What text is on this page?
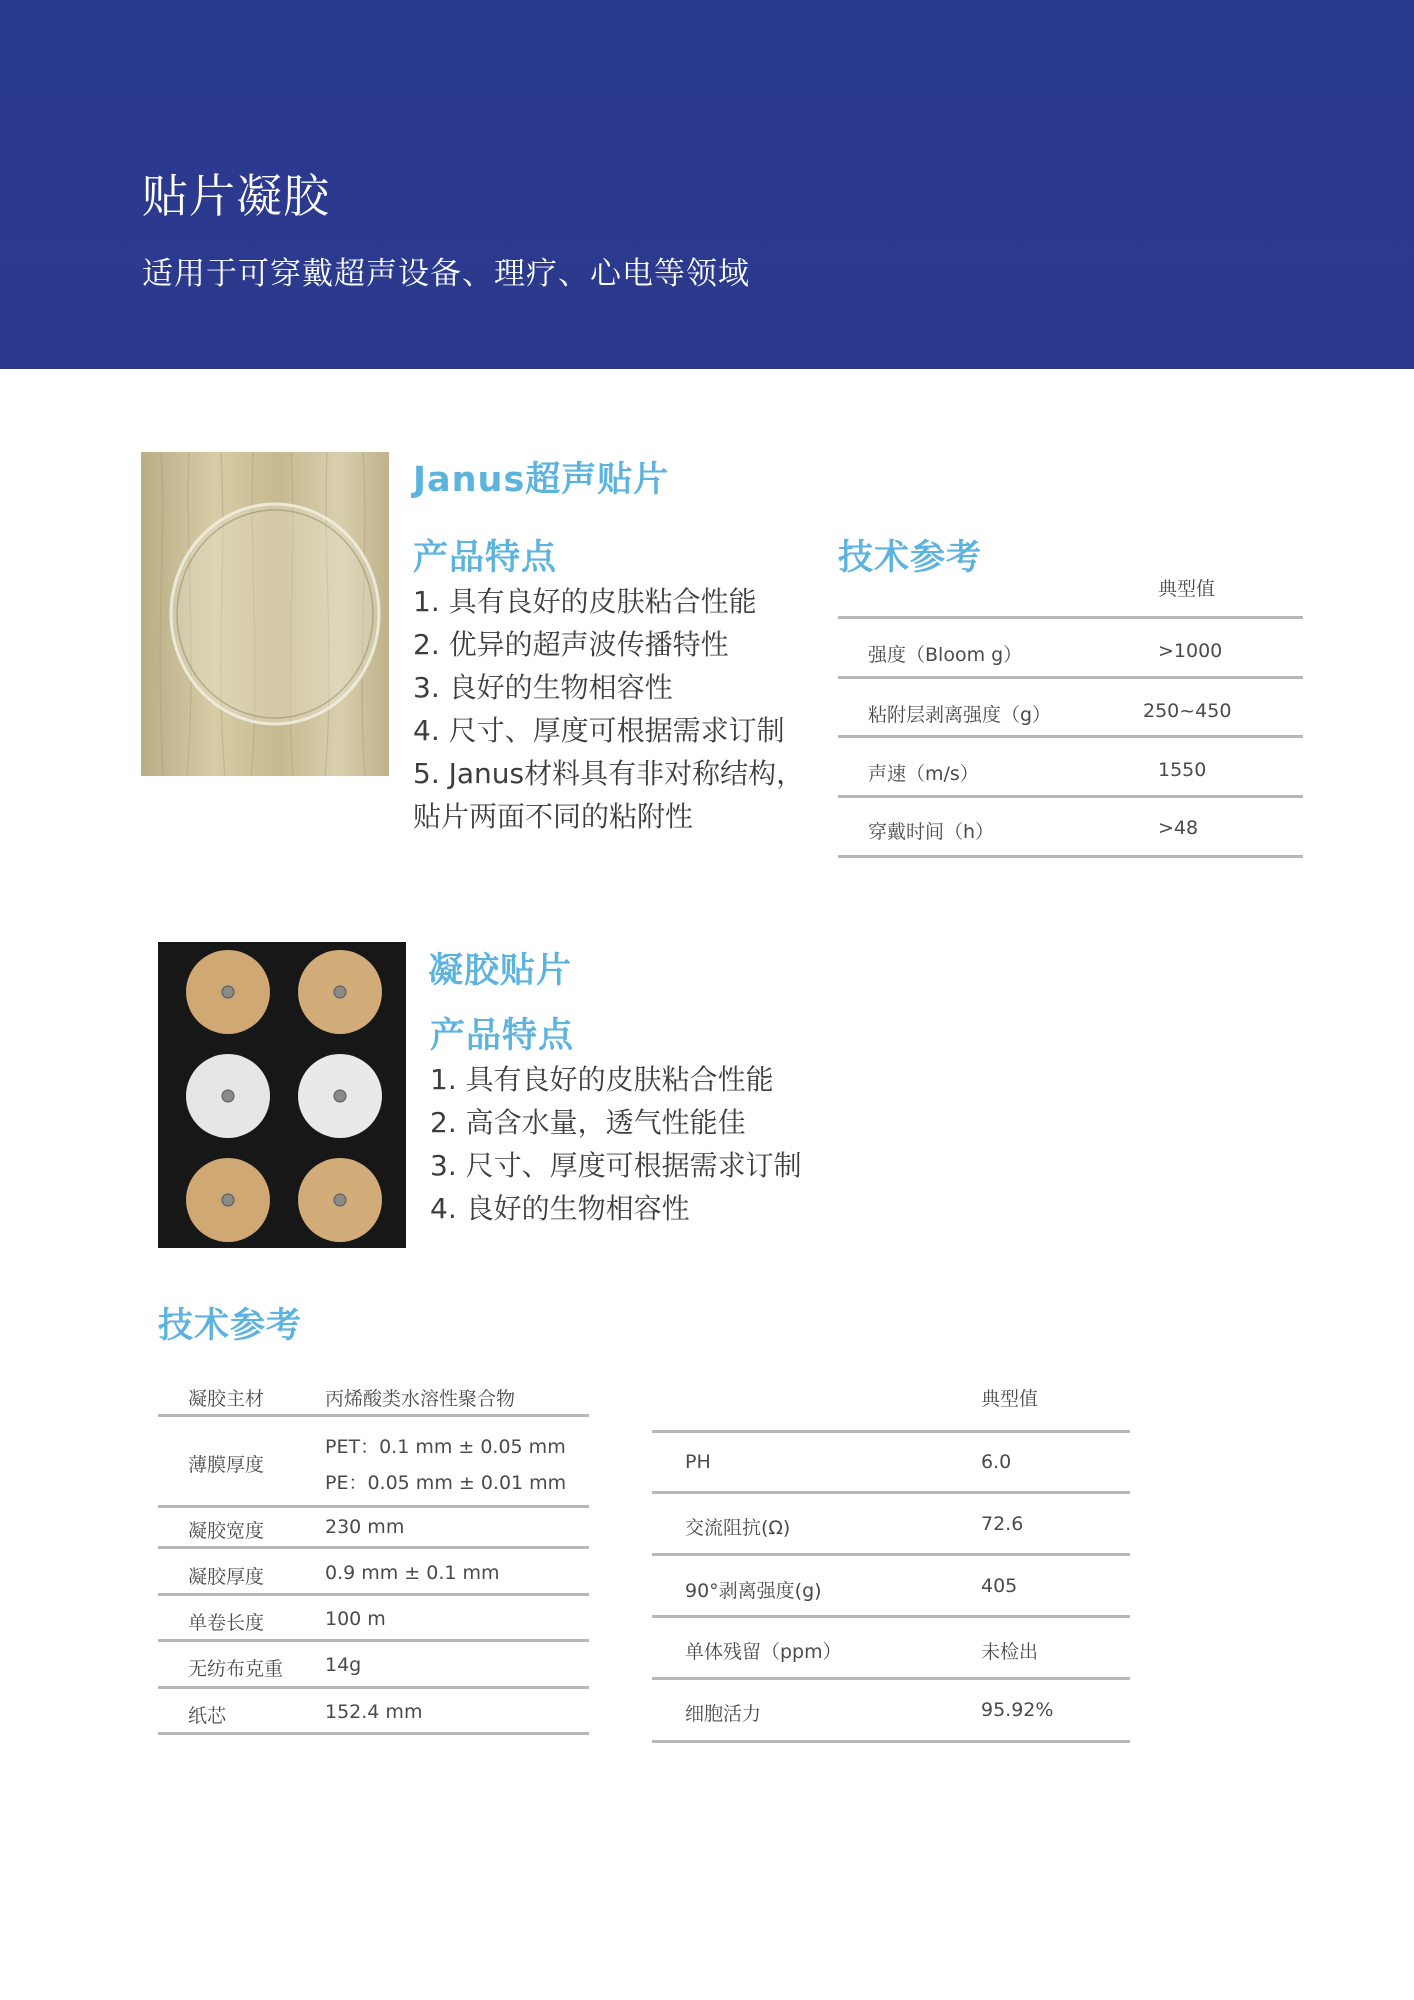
贴片凝胶
适用于可穿戴超声设备、理疗、心电等领域
Janus超声贴片
产品特点
1. 具有良好的皮肤粘合性能
2. 优异的超声波传播特性
3. 良好的生物相容性
4. 尺寸、厚度可根据需求订制
5. Janus材料具有非对称结构，
贴片两面不同的粘附性
技术参考
典型值
强度（Bloom g）	>1000
粘附层剥离强度（g）	250~450
声速（m/s）	1550
穿戴时间（h）	>48
凝胶贴片
产品特点
1. 具有良好的皮肤粘合性能
2. 高含水量，透气性能佳
3. 尺寸、厚度可根据需求订制
4. 良好的生物相容性
技术参考
凝胶主材	丙烯酸类水溶性聚合物
薄膜厚度
PET：0.1 mm ± 0.05 mm
PE：0.05 mm ± 0.01 mm
凝胶宽度	230 mm
凝胶厚度	0.9 mm ± 0.1 mm
单卷长度	100 m
无纺布克重 14g
纸芯	152.4 mm
典型值
PH	6.0
交流阻抗(Ω)	72.6
90°剥离强度(g)	405
单体残留（ppm）	未检出
细胞活力	95.92%
